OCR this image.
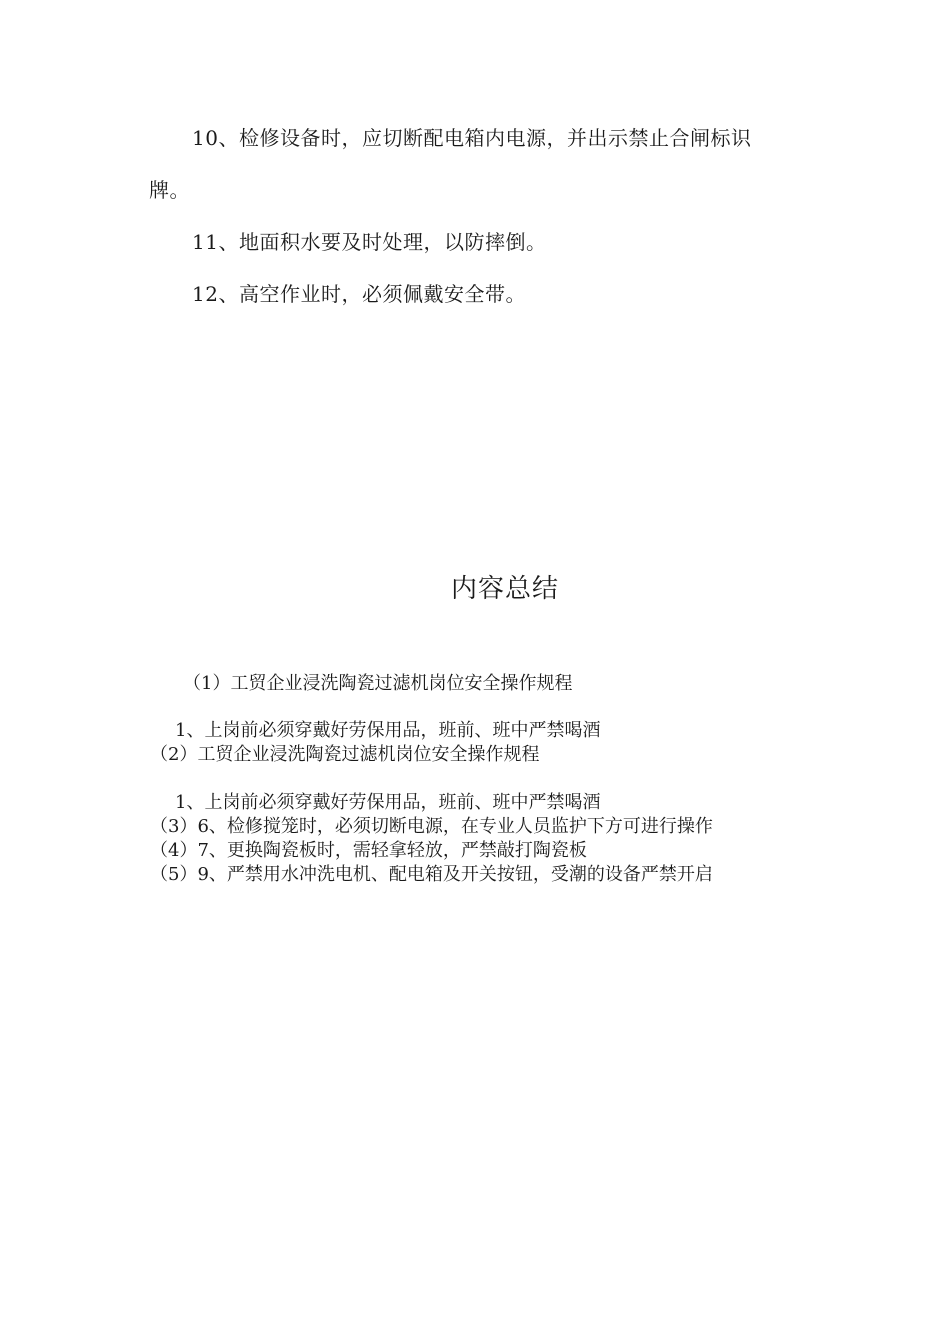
10、检修设备时，应切断配电箱内电源，并出示禁止合闸标识
牌。
11、地面积水要及时处理，以防摔倒。
12、高空作业时，必须佩戴安全带。
内容总结
（1）工贸企业浸洗陶瓷过滤机岗位安全操作规程
1、上岗前必须穿戴好劳保用品，班前、班中严禁喝酒
（2）工贸企业浸洗陶瓷过滤机岗位安全操作规程
1、上岗前必须穿戴好劳保用品，班前、班中严禁喝酒
（3）6、检修搅笼时，必须切断电源，在专业人员监护下方可进行操作
（4）7、更换陶瓷板时，需轻拿轻放，严禁敲打陶瓷板
（5）9、严禁用水冲洗电机、配电箱及开关按钮，受潮的设备严禁开启
